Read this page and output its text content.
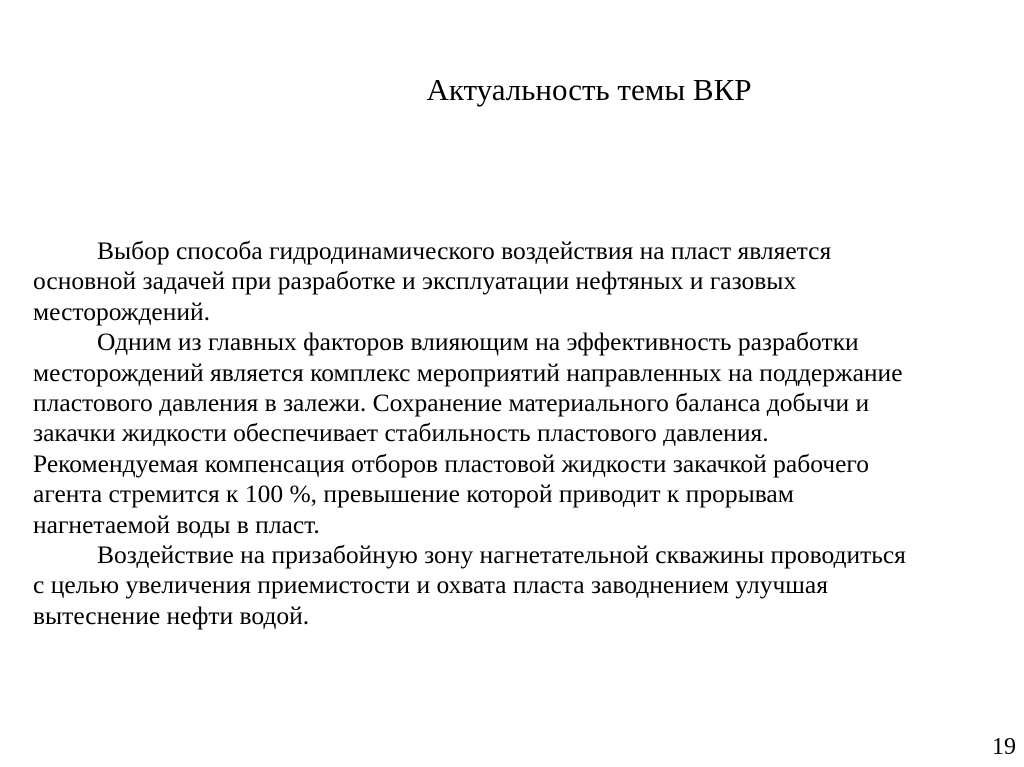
Актуальность темы ВКР

Выбор способа гидродинамического воздействия на пласт является
основной задачей при разработке и эксплуатации нефтяных и газовых
месторождений.

Одним из главных факторов влияющим на эффективность разработки
месторождений является комплекс мероприятий направленных на поддержание
пластового давления в залежи. Сохранение материального баланса добычи и
закачки жидкости обеспечивает стабильность пластового давления.
Рекомендуемая компенсация отборов пластовой жидкости закачкой рабочего
агента стремится к 100 %, превышение которой приводит к прорывам
нагнетаемой воды в пласт.

Воздействие на призабойную зону нагнетательной скважины проводиться
с целью увеличения приемистости и охвата пласта заводнением улучшая
вытеснение нефти водой.

19
